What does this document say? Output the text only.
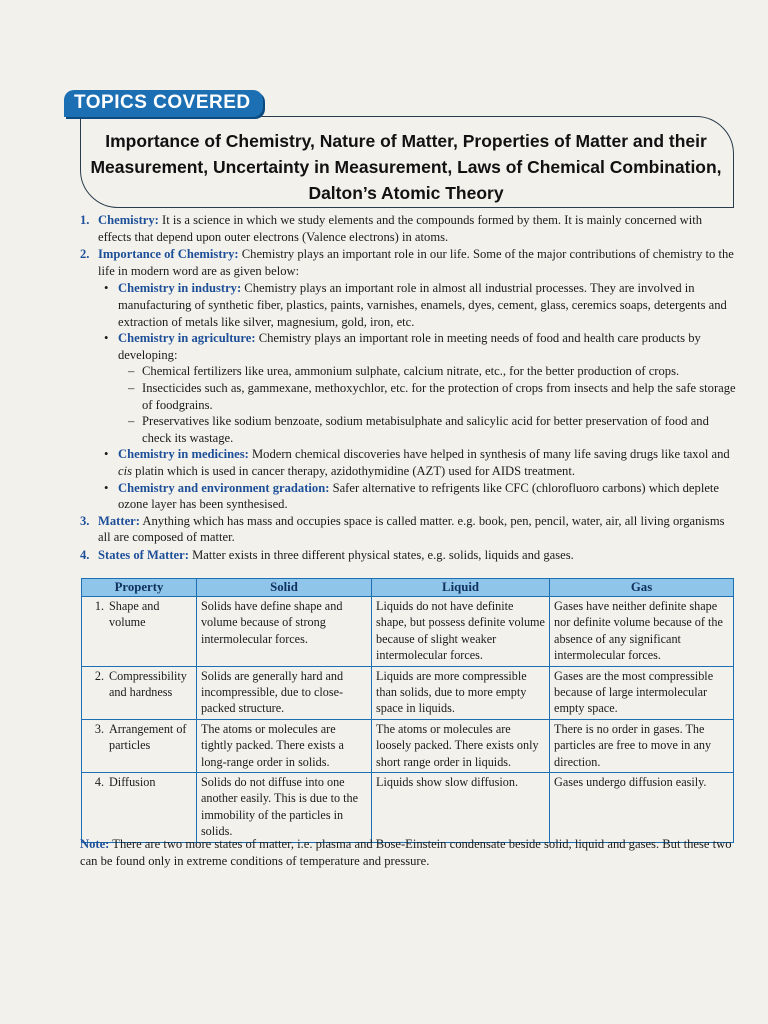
TOPICS COVERED
Importance of Chemistry, Nature of Matter, Properties of Matter and their Measurement, Uncertainty in Measurement, Laws of Chemical Combination, Dalton’s Atomic Theory
1. Chemistry: It is a science in which we study elements and the compounds formed by them. It is mainly concerned with effects that depend upon outer electrons (Valence electrons) in atoms.
2. Importance of Chemistry: Chemistry plays an important role in our life. Some of the major contributions of chemistry to the life in modern word are as given below:
• Chemistry in industry: Chemistry plays an important role in almost all industrial processes. They are involved in manufacturing of synthetic fiber, plastics, paints, varnishes, enamels, dyes, cement, glass, ceremics soaps, detergents and extraction of metals like silver, magnesium, gold, iron, etc.
• Chemistry in agriculture: Chemistry plays an important role in meeting needs of food and health care products by developing:
– Chemical fertilizers like urea, ammonium sulphate, calcium nitrate, etc., for the better production of crops.
– Insecticides such as, gammexane, methoxychlor, etc. for the protection of crops from insects and help the safe storage of foodgrains.
– Preservatives like sodium benzoate, sodium metabisulphate and salicylic acid for better preservation of food and check its wastage.
• Chemistry in medicines: Modern chemical discoveries have helped in synthesis of many life saving drugs like taxol and cis platin which is used in cancer therapy, azidothymidine (AZT) used for AIDS treatment.
• Chemistry and environment gradation: Safer alternative to refrigents like CFC (chlorofluoro carbons) which deplete ozone layer has been synthesised.
3. Matter: Anything which has mass and occupies space is called matter. e.g. book, pen, pencil, water, air, all living organisms all are composed of matter.
4. States of Matter: Matter exists in three different physical states, e.g. solids, liquids and gases.
Property	Solid	Liquid	Gas

1. Shape and volume	Solids have define shape and volume because of strong intermolecular forces.	Liquids do not have definite shape, but possess definite volume because of slight weaker intermolecular forces.	Gases have neither definite shape nor definite volume because of the absence of any significant intermolecular forces.

2. Compressibility and hardness	Solids are generally hard and incompressible, due to close-packed structure.	Liquids are more compressible than solids, due to more empty space in liquids.	Gases are the most compressible because of large intermolecular empty space.

3. Arrangement of particles	The atoms or molecules are tightly packed. There exists a long-range order in solids.	The atoms or molecules are loosely packed. There exists only short range order in liquids.	There is no order in gases. The particles are free to move in any direction.

4. Diffusion	Solids do not diffuse into one another easily. This is due to the immobility of the particles in solids.	Liquids show slow diffusion.	Gases undergo diffusion easily.
Note: There are two more states of matter, i.e. plasma and Bose-Einstein condensate beside solid, liquid and gases. But these two can be found only in extreme conditions of temperature and pressure.
